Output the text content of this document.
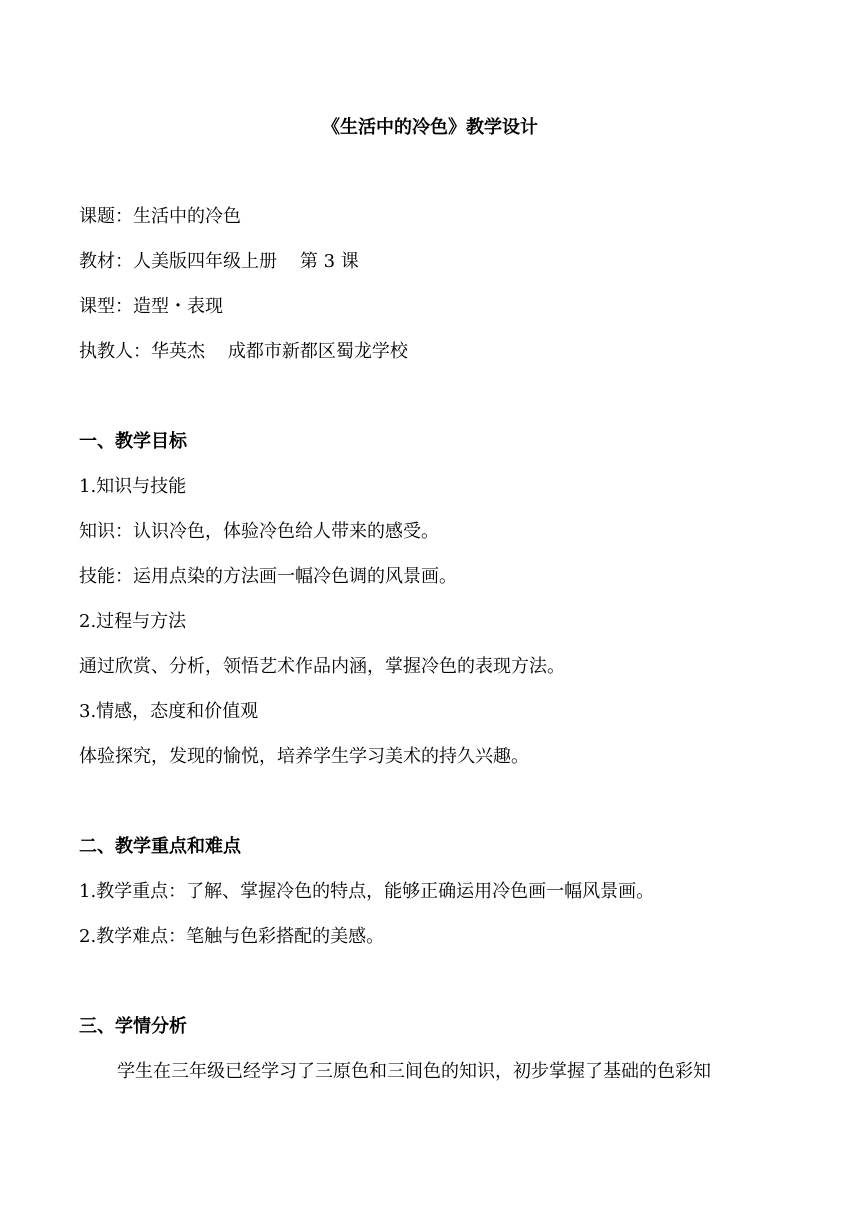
《生活中的冷色》教学设计
课题：生活中的冷色
教材：人美版四年级上册    第 3 课
课型：造型・表现
执教人：华英杰    成都市新都区蜀龙学校
一、教学目标
1.知识与技能
知识：认识冷色，体验冷色给人带来的感受。
技能：运用点染的方法画一幅冷色调的风景画。
2.过程与方法
通过欣赏、分析，领悟艺术作品内涵，掌握冷色的表现方法。
3.情感，态度和价值观
体验探究，发现的愉悦，培养学生学习美术的持久兴趣。
二、教学重点和难点
1.教学重点：了解、掌握冷色的特点，能够正确运用冷色画一幅风景画。
2.教学难点：笔触与色彩搭配的美感。
三、学情分析
学生在三年级已经学习了三原色和三间色的知识，初步掌握了基础的色彩知
